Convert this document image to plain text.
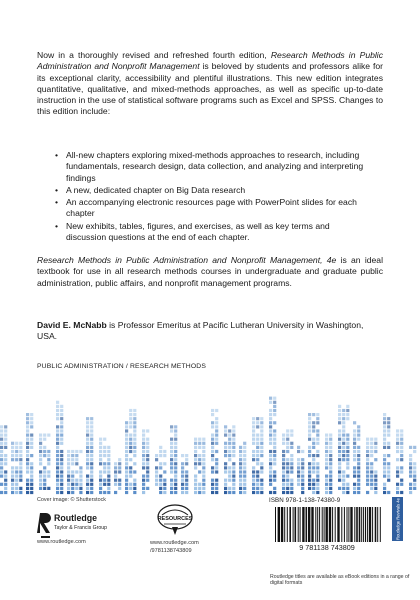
Now in a thoroughly revised and refreshed fourth edition, Research Methods in Public Administration and Nonprofit Management is beloved by students and professors alike for its exceptional clarity, accessibility and plentiful illustrations. This new edition integrates quantitative, qualitative, and mixed-methods approaches, as well as specific up-to-date instruction in the use of statistical software programs such as Excel and SPSS. Changes to this edition include:

• All-new chapters exploring mixed-methods approaches to research, including fundamentals, research design, data collection, and analyzing and interpreting findings
• A new, dedicated chapter on Big Data research
• An accompanying electronic resources page with PowerPoint slides for each chapter
• New exhibits, tables, figures, and exercises, as well as key terms and discussion questions at the end of each chapter.

Research Methods in Public Administration and Nonprofit Management, 4e is an ideal textbook for use in all research methods courses in undergraduate and graduate public administration, public affairs, and nonprofit management programs.

David E. McNabb is Professor Emeritus at Pacific Lutheran University in Washington, USA.

PUBLIC ADMINISTRATION / RESEARCH METHODS
Cover image: © Shutterstock
Routledge
Taylor & Francis Group
www.routledge.com
RESOURCES
www.routledge.com
/9781138743809
ISBN 978-1-138-74380-9
9 781138 743809
Routledge Revivals 4e
Routledge titles are available as eBook editions in a range of digital formats
